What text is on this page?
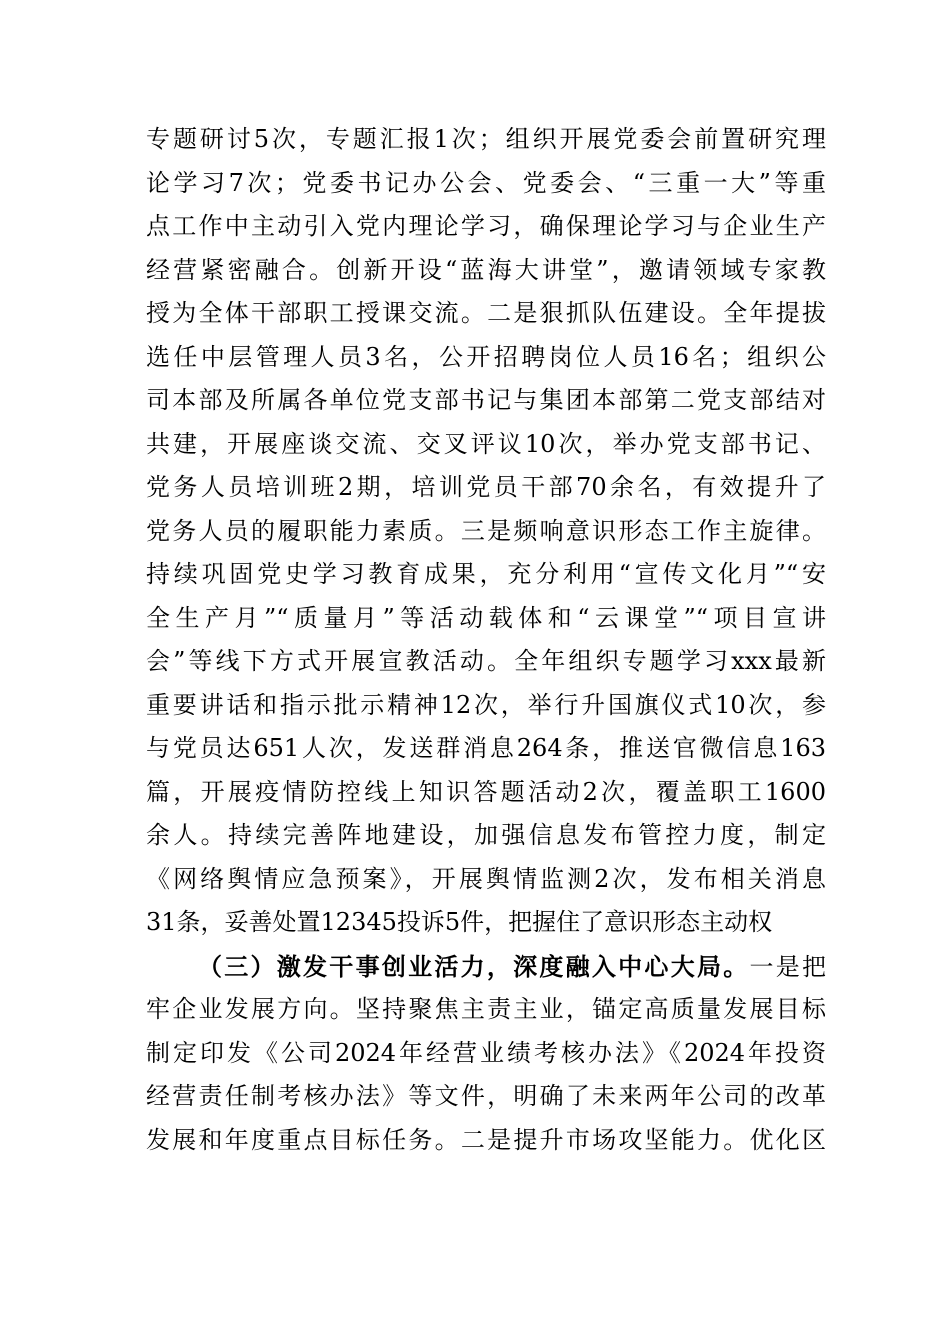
专题研讨5次，专题汇报1次；组织开展党委会前置研究理
论学习7次；党委书记办公会、党委会、“三重一大”等重
点工作中主动引入党内理论学习，确保理论学习与企业生产
经营紧密融合。创新开设“蓝海大讲堂”，邀请领域专家教
授为全体干部职工授课交流。二是狠抓队伍建设。全年提拔
选任中层管理人员3名，公开招聘岗位人员16名；组织公
司本部及所属各单位党支部书记与集团本部第二党支部结对
共建，开展座谈交流、交叉评议10次，举办党支部书记、
党务人员培训班2期，培训党员干部70余名，有效提升了
党务人员的履职能力素质。三是频响意识形态工作主旋律。
持续巩固党史学习教育成果，充分利用“宣传文化月”“安
全生产月”“质量月”等活动载体和“云课堂”“项目宣讲
会”等线下方式开展宣教活动。全年组织专题学习xxx最新
重要讲话和指示批示精神12次，举行升国旗仪式10次，参
与党员达651人次，发送群消息264条，推送官微信息163
篇，开展疫情防控线上知识答题活动2次，覆盖职工1600
余人。持续完善阵地建设，加强信息发布管控力度，制定
《网络舆情应急预案》，开展舆情监测2次，发布相关消息
31条，妥善处置12345投诉5件，把握住了意识形态主动权
（三）激发干事创业活力，深度融入中心大局。一是把
牢企业发展方向。坚持聚焦主责主业，锚定高质量发展目标
制定印发《公司2024年经营业绩考核办法》《2024年投资
经营责任制考核办法》等文件，明确了未来两年公司的改革
发展和年度重点目标任务。二是提升市场攻坚能力。优化区
